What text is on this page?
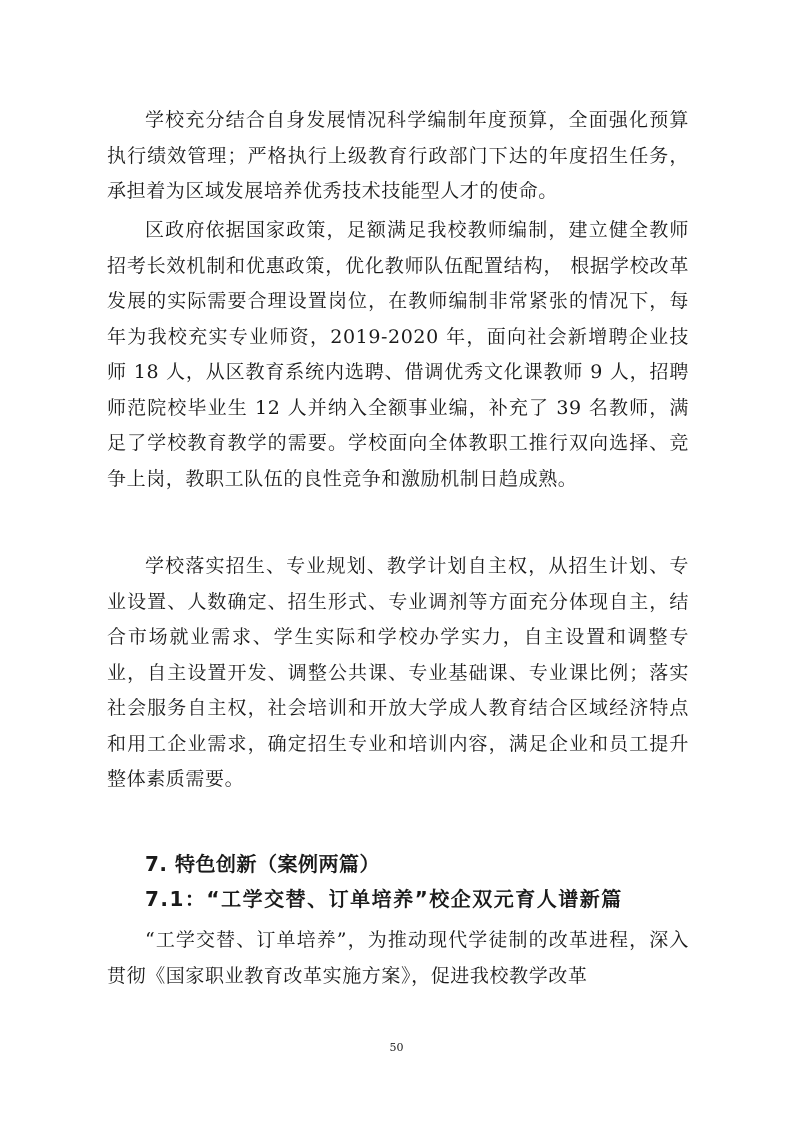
学校充分结合自身发展情况科学编制年度预算，全面强化预算执行绩效管理；严格执行上级教育行政部门下达的年度招生任务，承担着为区域发展培养优秀技术技能型人才的使命。

区政府依据国家政策，足额满足我校教师编制，建立健全教师招考长效机制和优惠政策，优化教师队伍配置结构， 根据学校改革发展的实际需要合理设置岗位，在教师编制非常紧张的情况下，每年为我校充实专业师资，2019-2020 年，面向社会新增聘企业技师 18 人，从区教育系统内选聘、借调优秀文化课教师 9 人，招聘师范院校毕业生 12 人并纳入全额事业编，补充了 39 名教师，满足了学校教育教学的需要。学校面向全体教职工推行双向选择、竞争上岗，教职工队伍的良性竞争和激励机制日趋成熟。

学校落实招生、专业规划、教学计划自主权，从招生计划、专业设置、人数确定、招生形式、专业调剂等方面充分体现自主，结合市场就业需求、学生实际和学校办学实力，自主设置和调整专业，自主设置开发、调整公共课、专业基础课、专业课比例；落实社会服务自主权，社会培训和开放大学成人教育结合区域经济特点和用工企业需求，确定招生专业和培训内容，满足企业和员工提升整体素质需要。

7. 特色创新（案例两篇）
7.1：“工学交替、订单培养”校企双元育人谱新篇

“工学交替、订单培养”，为推动现代学徒制的改革进程，深入贯彻《国家职业教育改革实施方案》，促进我校教学改革

50
